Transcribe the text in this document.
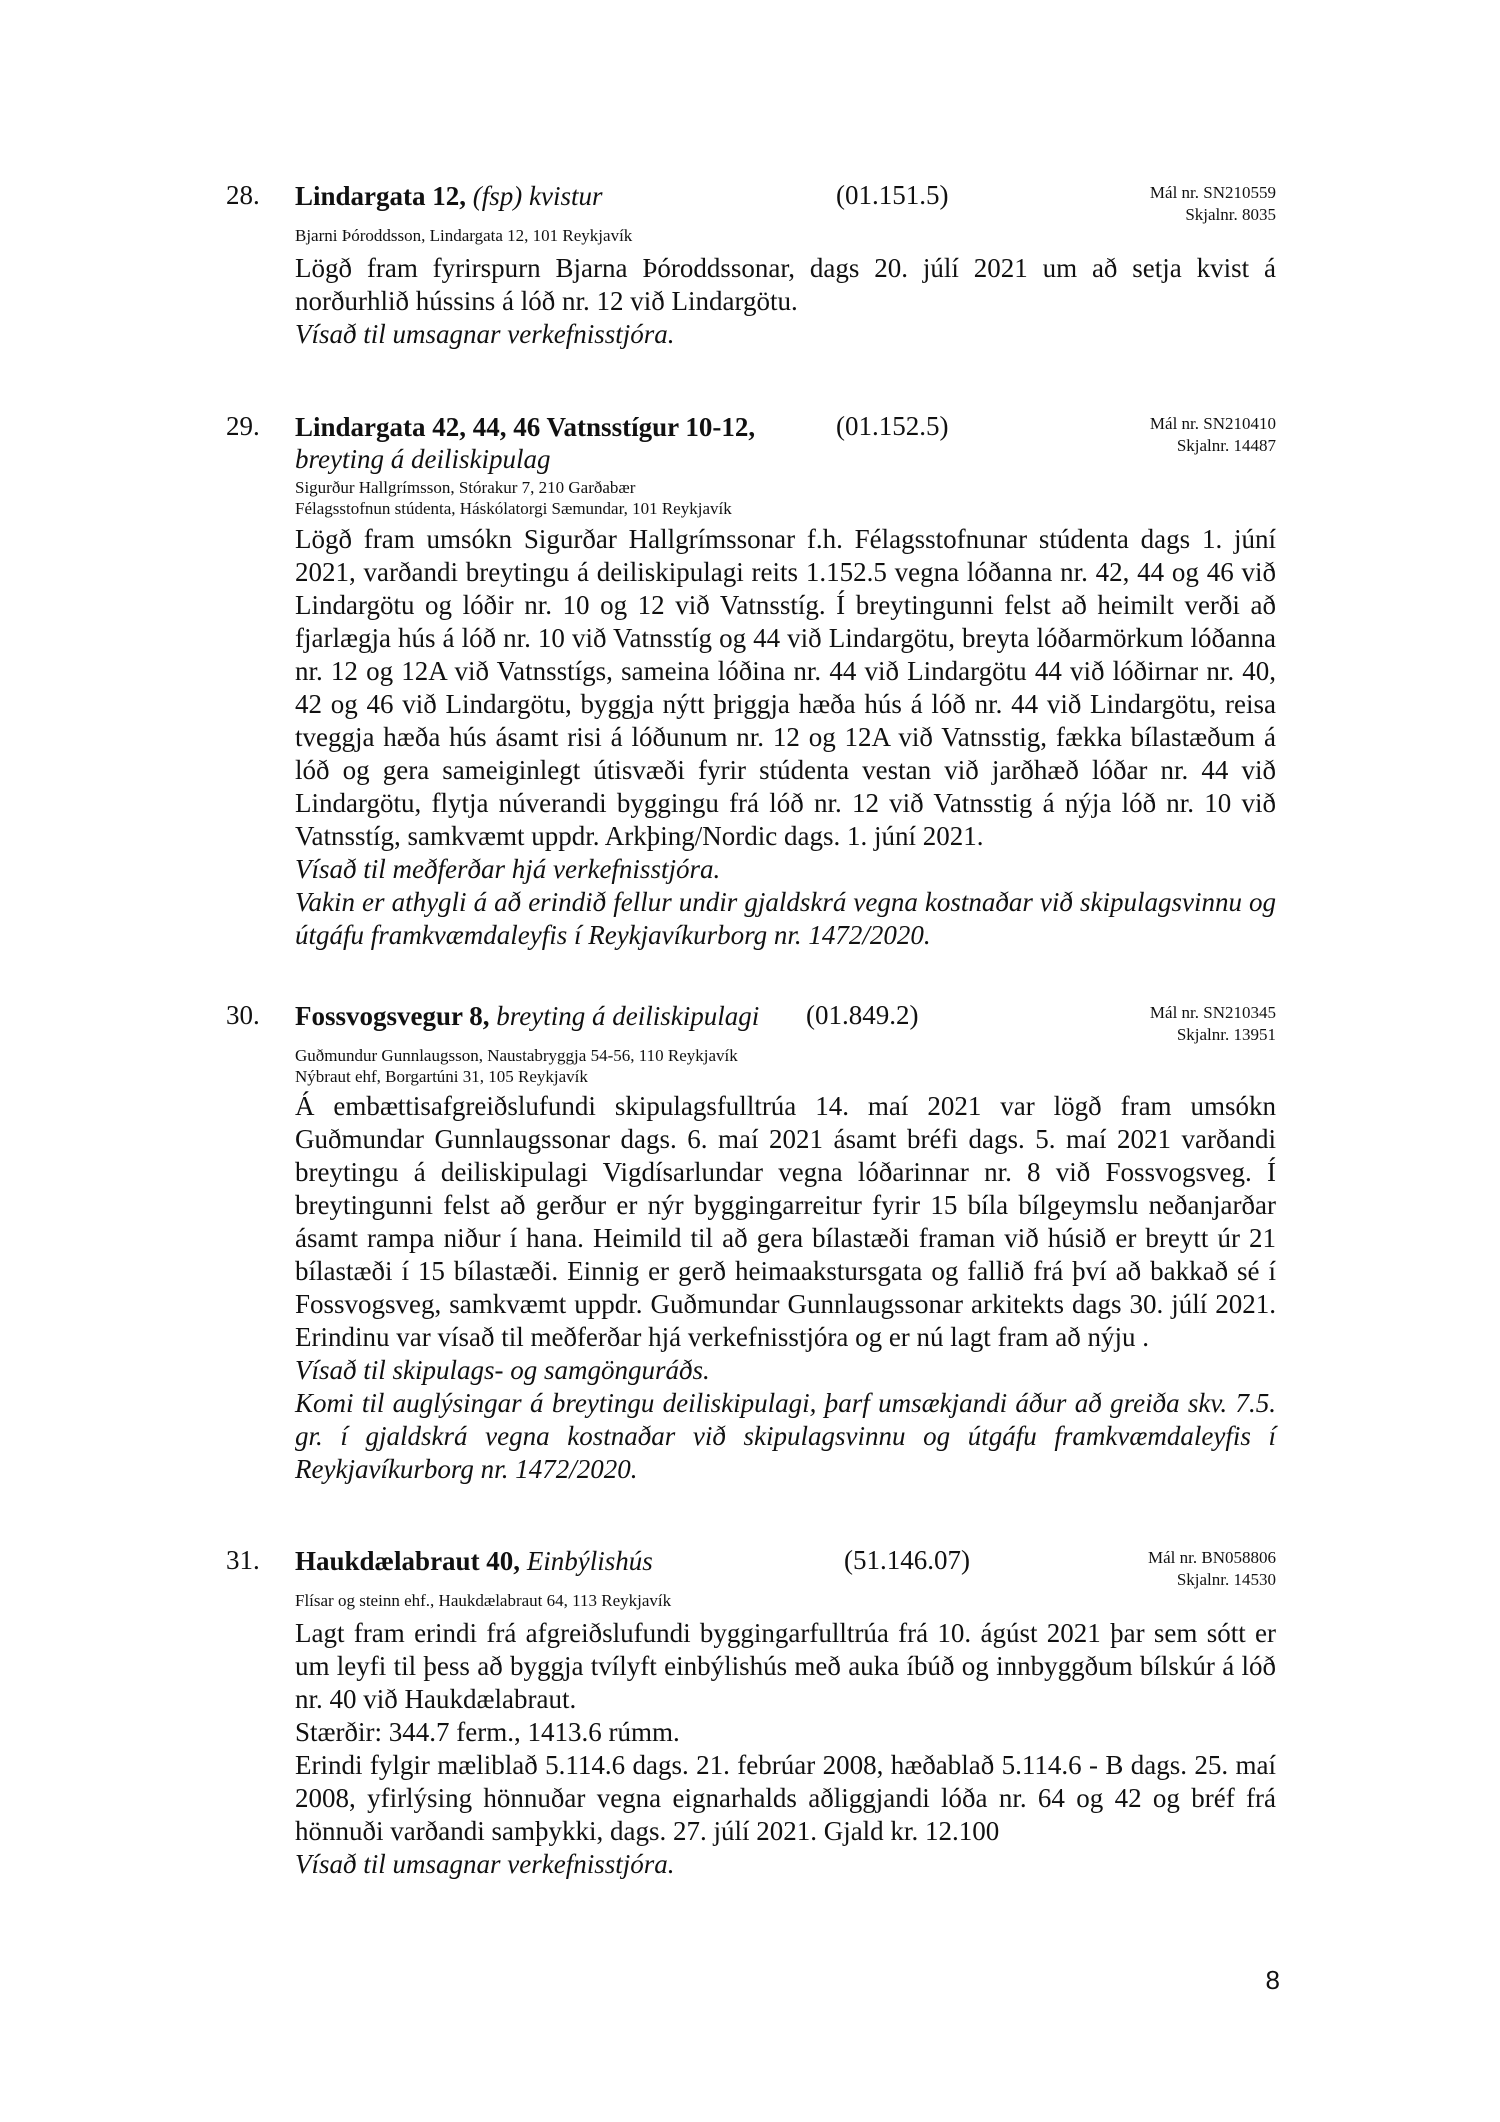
28. Lindargata 12, (fsp) kvistur	(01.151.5)	Mál nr. SN210559
Skjalnr. 8035
Bjarni Þóroddsson, Lindargata 12, 101 Reykjavík

Lögð fram fyrirspurn Bjarna Þóroddssonar, dags 20. júlí 2021 um að setja kvist á norðurhlið hússins á lóð nr. 12 við Lindargötu.

Vísað til umsagnar verkefnisstjóra.

29. Lindargata 42, 44, 46 Vatnsstígur 10-12,
breyting á deiliskipulag
(01.152.5)	Mál nr. SN210410
Skjalnr. 14487
Sigurður Hallgrímsson, Stórakur 7, 210 Garðabær
Félagsstofnun stúdenta, Háskólatorgi Sæmundar, 101 Reykjavík

Lögð fram umsókn Sigurðar Hallgrímssonar f.h. Félagsstofnunar stúdenta dags 1. júní 2021, varðandi breytingu á deiliskipulagi reits 1.152.5 vegna lóðanna nr. 42, 44 og 46 við Lindargötu og lóðir nr. 10 og 12 við Vatnsstíg. Í breytingunni felst að heimilt verði að fjarlægja hús á lóð nr. 10 við Vatnsstíg og 44 við Lindargötu, breyta lóðarmörkum lóðanna nr. 12 og 12A við Vatnsstígs, sameina lóðina nr. 44 við Lindargötu 44 við lóðirnar nr. 40, 42 og 46 við Lindargötu, byggja nýtt þriggja hæða hús á lóð nr. 44 við Lindargötu, reisa tveggja hæða hús ásamt risi á lóðunum nr. 12 og 12A við Vatnsstig, fækka bílastæðum á lóð og gera sameiginlegt útisvæði fyrir stúdenta vestan við jarðhæð lóðar nr. 44 við Lindargötu, flytja núverandi byggingu frá lóð nr. 12 við Vatnsstig á nýja lóð nr. 10 við Vatnsstíg, samkvæmt uppdr. Arkþing/Nordic dags. 1. júní 2021.

Vísað til meðferðar hjá verkefnisstjóra.

Vakin er athygli á að erindið fellur undir gjaldskrá vegna kostnaðar við skipulagsvinnu og útgáfu framkvæmdaleyfis í Reykjavíkurborg nr. 1472/2020.

30. Fossvogsvegur 8, breyting á deiliskipulagi (01.849.2)	Mál nr. SN210345
Skjalnr. 13951
Guðmundur Gunnlaugsson, Naustabryggja 54-56, 110 Reykjavík
Nýbraut ehf, Borgartúni 31, 105 Reykjavík

Á embættisafgreiðslufundi skipulagsfulltrúa 14. maí 2021 var lögð fram umsókn Guðmundar Gunnlaugssonar dags. 6. maí 2021 ásamt bréfi dags. 5. maí 2021 varðandi breytingu á deiliskipulagi Vigdísarlundar vegna lóðarinnar nr. 8 við Fossvogsveg. Í breytingunni felst að gerður er nýr byggingarreitur fyrir 15 bíla bílgeymslu neðanjarðar ásamt rampa niður í hana. Heimild til að gera bílastæði framan við húsið er breytt úr 21 bílastæði í 15 bílastæði. Einnig er gerð heimaakstursgata og fallið frá því að bakkað sé í Fossvogsveg, samkvæmt uppdr. Guðmundar Gunnlaugssonar arkitekts dags 30. júlí 2021. Erindinu var vísað til meðferðar hjá verkefnisstjóra og er nú lagt fram að nýju .

Vísað til skipulags- og samgönguráðs.

Komi til auglýsingar á breytingu deiliskipulagi, þarf umsækjandi áður að greiða skv. 7.5. gr. í gjaldskrá vegna kostnaðar við skipulagsvinnu og útgáfu framkvæmdaleyfis í Reykjavíkurborg nr. 1472/2020.

31. Haukdælabraut 40, Einbýlishús	(51.146.07)	Mál nr. BN058806
Skjalnr. 14530
Flísar og steinn ehf., Haukdælabraut 64, 113 Reykjavík

Lagt fram erindi frá afgreiðslufundi byggingarfulltrúa frá 10. ágúst 2021 þar sem sótt er um leyfi til þess að byggja tvílyft einbýlishús með auka íbúð og innbyggðum bílskúr á lóð nr. 40 við Haukdælabraut.

Stærðir: 344.7 ferm., 1413.6 rúmm.

Erindi fylgir mæliblað 5.114.6 dags. 21. febrúar 2008, hæðablað 5.114.6 - B dags. 25. maí 2008, yfirlýsing hönnuðar vegna eignarhalds aðliggjandi lóða nr. 64 og 42 og bréf frá hönnuði varðandi samþykki, dags. 27. júlí 2021. Gjald kr. 12.100

Vísað til umsagnar verkefnisstjóra.

8
